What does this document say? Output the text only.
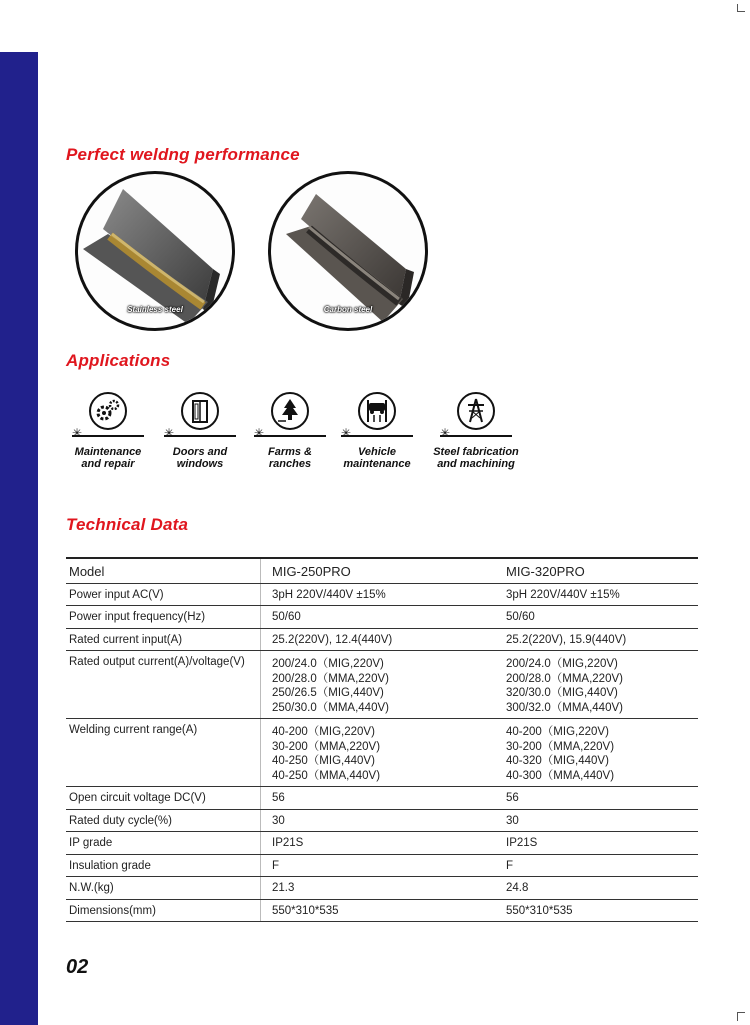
Perfect weldng performance
Stainless steel	Carbon steel
Applications
✳
Maintenance
and repair
✳
Doors and
windows
✳
Farms &
ranches
✳
Vehicle
maintenance
✳
Steel fabrication
and machining
Technical Data
Model	MIG-250PRO	MIG-320PRO
Power input AC(V)	3pH 220V/440V ±15%	3pH 220V/440V ±15%
Power input frequency(Hz)	50/60	50/60
Rated current input(A)	25.2(220V), 12.4(440V)	25.2(220V), 15.9(440V)
Rated output current(A)/voltage(V)	200/24.0（MIG,220V)
200/28.0（MMA,220V)
250/26.5（MIG,440V)
250/30.0（MMA,440V)	200/24.0（MIG,220V)
200/28.0（MMA,220V)
320/30.0（MIG,440V)
300/32.0（MMA,440V)

Welding current range(A)	40-200（MIG,220V)
30-200（MMA,220V)
40-250（MIG,440V)
40-250（MMA,440V)	40-200（MIG,220V)
30-200（MMA,220V)
40-320（MIG,440V)
40-300（MMA,440V)

Open circuit voltage DC(V)	56	56
Rated duty cycle(%)	30	30
IP grade	IP21S	IP21S
Insulation grade	F	F
N.W.(kg)	21.3	24.8
Dimensions(mm)	550*310*535	550*310*535
02
